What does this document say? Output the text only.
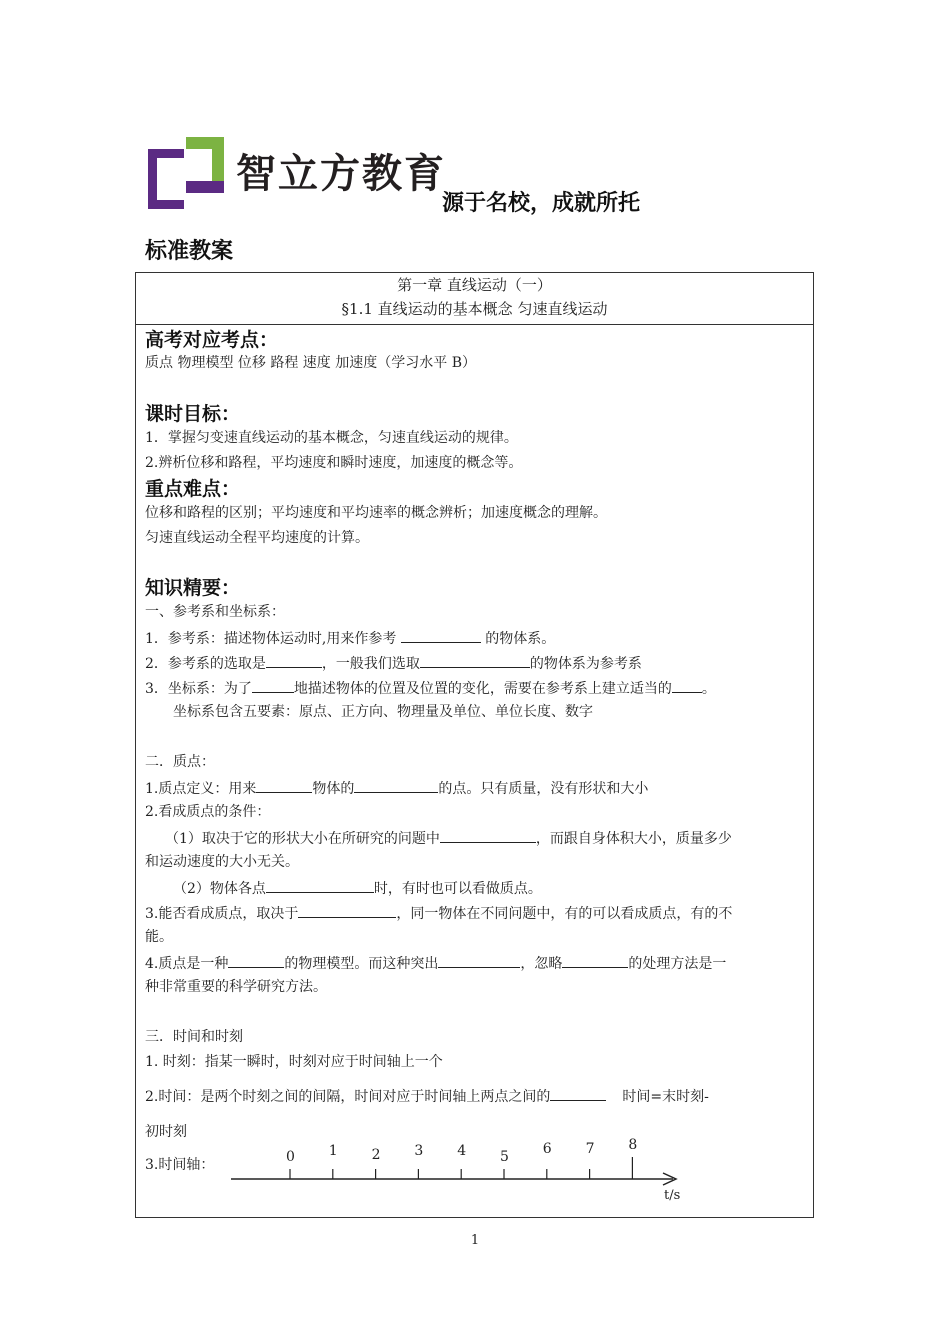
智立方教育
源于名校，成就所托
标准教案
第一章 直线运动（一）
§1.1 直线运动的基本概念 匀速直线运动
高考对应考点：
质点 物理模型 位移 路程 速度 加速度（学习水平 B）
课时目标：
1．掌握匀变速直线运动的基本概念，匀速直线运动的规律。
2.辨析位移和路程，平均速度和瞬时速度，加速度的概念等。
重点难点：
位移和路程的区别；平均速度和平均速率的概念辨析；加速度概念的理解。
匀速直线运动全程平均速度的计算。
知识精要：
一、参考系和坐标系：
1．参考系：描述物体运动时,用来作参考	的物体系。
2．参考系的选取是	，一般我们选取	的物体系为参考系
3．坐标系：为了	地描述物体的位置及位置的变化，需要在参考系上建立适当的 。
坐标系包含五要素：原点、正方向、物理量及单位、单位长度、数字
二．质点：
1.质点定义：用来	物体的	的点。只有质量，没有形状和大小
2.看成质点的条件：
（1）取决于它的形状大小在所研究的问题中	，而跟自身体积大小，质量多少
和运动速度的大小无关。
（2）物体各点	时，有时也可以看做质点。
3.能否看成质点，取决于	，同一物体在不同问题中，有的可以看成质点，有的不
能。
4.质点是一种	的物理模型。而这种突出	，忽略	的处理方法是一
种非常重要的科学研究方法。
三．时间和时刻
1. 时刻：指某一瞬时，时刻对应于时间轴上一个
2.时间：是两个时刻之间的间隔，时间对应于时间轴上两点之间的	时间=末时刻-
初时刻
3.时间轴：	0 1 2 3 4 5 6 7 8
t/s
1
